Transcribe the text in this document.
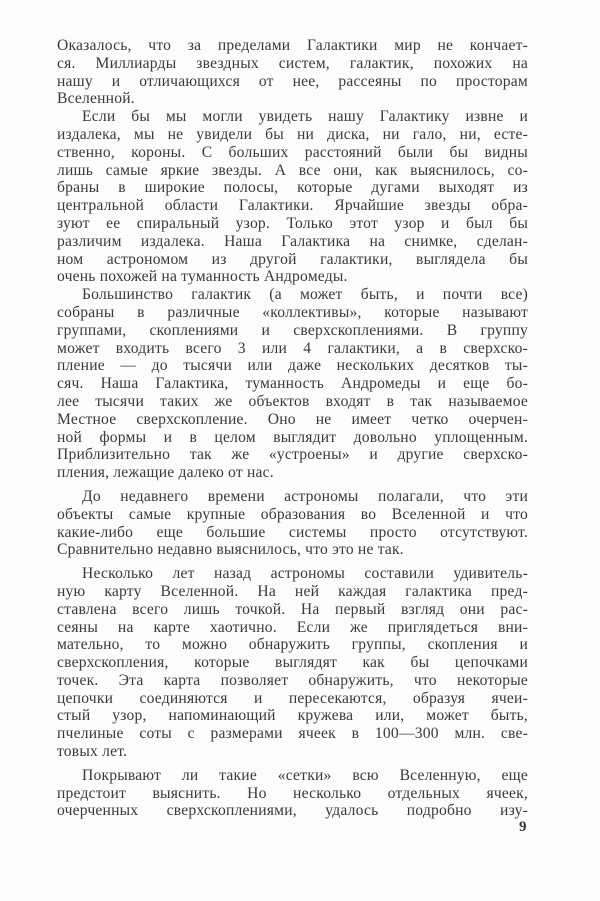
Оказалось, что за пределами Галактики мир не кончает-
ся. Миллиарды звездных систем, галактик, похожих на
нашу и отличающихся от нее, рассеяны по просторам
Вселенной.
Если бы мы могли увидеть нашу Галактику извне и
издалека, мы не увидели бы ни диска, ни гало, ни, есте-
ственно, короны. С больших расстояний были бы видны
лишь самые яркие звезды. А все они, как выяснилось, со-
браны в широкие полосы, которые дугами выходят из
центральной области Галактики. Ярчайшие звезды обра-
зуют ее спиральный узор. Только этот узор и был бы
различим издалека. Наша Галактика на снимке, сделан-
ном астрономом из другой галактики, выглядела бы
очень похожей на туманность Андромеды.
Большинство галактик (а может быть, и почти все)
собраны в различные «коллективы», которые называют
группами, скоплениями и сверхскоплениями. В группу
может входить всего 3 или 4 галактики, а в сверхско-
пление — до тысячи или даже нескольких десятков ты-
сяч. Наша Галактика, туманность Андромеды и еще бо-
лее тысячи таких же объектов входят в так называемое
Местное сверхскопление. Оно не имеет четко очерчен-
ной формы и в целом выглядит довольно уплощенным.
Приблизительно так же «устроены» и другие сверхско-
пления, лежащие далеко от нас.
До недавнего времени астрономы полагали, что эти
объекты самые крупные образования во Вселенной и что
какие-либо еще большие системы просто отсутствуют.
Сравнительно недавно выяснилось, что это не так.
Несколько лет назад астрономы составили удивитель-
ную карту Вселенной. На ней каждая галактика пред-
ставлена всего лишь точкой. На первый взгляд они рас-
сеяны на карте хаотично. Если же приглядеться вни-
мательно, то можно обнаружить группы, скопления и
сверхскопления, которые выглядят как бы цепочками
точек. Эта карта позволяет обнаружить, что некоторые
цепочки соединяются и пересекаются, образуя ячеи-
стый узор, напоминающий кружева или, может быть,
пчелиные соты с размерами ячеек в 100—300 млн. све-
товых лет.
Покрывают ли такие «сетки» всю Вселенную, еще
предстоит выяснить. Но несколько отдельных ячеек,
очерченных сверхскоплениями, удалось подробно изу-
9
